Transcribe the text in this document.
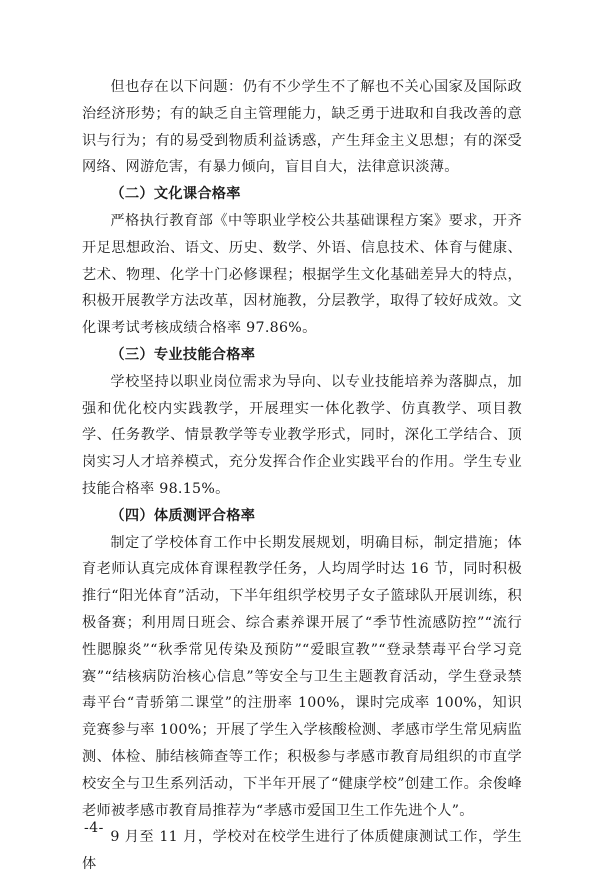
但也存在以下问题：仍有不少学生不了解也不关心国家及国际政治经济形势；有的缺乏自主管理能力，缺乏勇于进取和自我改善的意识与行为；有的易受到物质利益诱惑，产生拜金主义思想；有的深受网络、网游危害，有暴力倾向，盲目自大，法律意识淡薄。

（二）文化课合格率

严格执行教育部《中等职业学校公共基础课程方案》要求，开齐开足思想政治、语文、历史、数学、外语、信息技术、体育与健康、艺术、物理、化学十门必修课程；根据学生文化基础差异大的特点，积极开展教学方法改革，因材施教，分层教学，取得了较好成效。文化课考试考核成绩合格率 97.86%。

（三）专业技能合格率

学校坚持以职业岗位需求为导向、以专业技能培养为落脚点，加强和优化校内实践教学，开展理实一体化教学、仿真教学、项目教学、任务教学、情景教学等专业教学形式，同时，深化工学结合、顶岗实习人才培养模式，充分发挥合作企业实践平台的作用。学生专业技能合格率 98.15%。

（四）体质测评合格率

制定了学校体育工作中长期发展规划，明确目标，制定措施；体育老师认真完成体育课程教学任务，人均周学时达 16 节，同时积极推行“阳光体育”活动，下半年组织学校男子女子篮球队开展训练，积极备赛；利用周日班会、综合素养课开展了“季节性流感防控”“流行性腮腺炎”“秋季常见传染及预防”“爱眼宣教”“登录禁毒平台学习竞赛”“结核病防治核心信息”等安全与卫生主题教育活动，学生登录禁毒平台“青骄第二课堂”的注册率 100%，课时完成率 100%，知识竞赛参与率 100%；开展了学生入学核酸检测、孝感市学生常见病监测、体检、肺结核筛查等工作；积极参与孝感市教育局组织的市直学校安全与卫生系列活动，下半年开展了“健康学校”创建工作。余俊峰老师被孝感市教育局推荐为“孝感市爱国卫生工作先进个人”。

9 月至 11 月，学校对在校学生进行了体质健康测试工作，学生体

-4-
